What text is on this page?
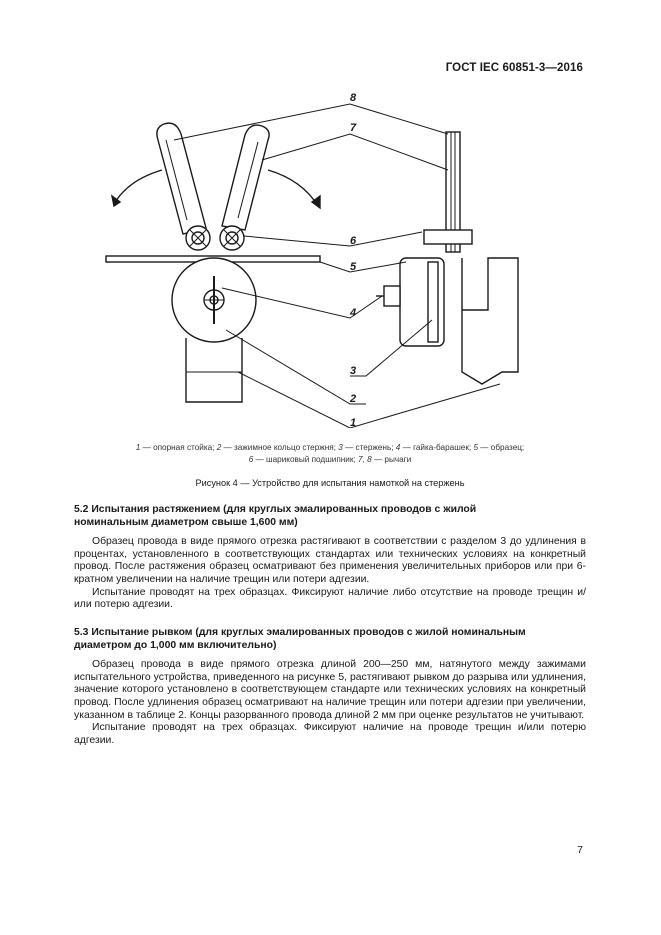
ГОСТ IEC 60851-3—2016
8
7
6
5
4
3
2
1
1 — опорная стойка; 2 — зажимное кольцо стержня; 3 — стержень; 4 — гайка-барашек; 5 — образец;
6 — шариковый подшипник; 7, 8 — рычаги
Рисунок 4 — Устройство для испытания намоткой на стержень

5.2 Испытания растяжением (для круглых эмалированных проводов с жилой
номинальным диаметром свыше 1,600 мм)

Образец провода в виде прямого отрезка растягивают в соответствии с разделом 3 до удлинения в процентах, установленного в соответствующих стандартах или технических условиях на конкретный провод. После растяжения образец осматривают без применения увеличительных приборов или при 6-кратном увеличении на наличие трещин или потери адгезии.

Испытание проводят на трех образцах. Фиксируют наличие либо отсутствие на проводе трещин и/или потерю адгезии.

5.3 Испытание рывком (для круглых эмалированных проводов с жилой номинальным
диаметром до 1,000 мм включительно)

Образец провода в виде прямого отрезка длиной 200—250 мм, натянутого между зажимами испытательного устройства, приведенного на рисунке 5, растягивают рывком до разрыва или удлинения, значение которого установлено в соответствующем стандарте или технических условиях на конкретный провод. После удлинения образец осматривают на наличие трещин или потери адгезии при увеличении, указанном в таблице 2. Концы разорванного провода длиной 2 мм при оценке результатов не учитывают.

Испытание проводят на трех образцах. Фиксируют наличие на проводе трещин и/или потерю адгезии.

7
